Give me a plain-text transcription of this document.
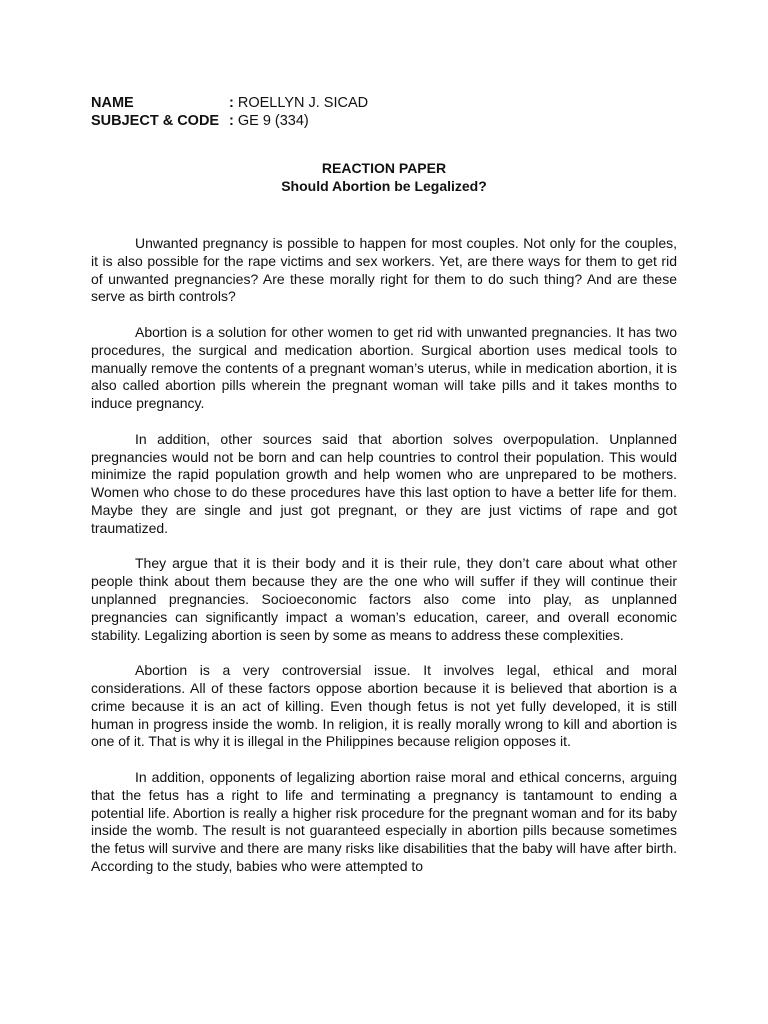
NAME	: ROELLYN J. SICAD
SUBJECT & CODE : GE 9 (334)
REACTION PAPER
Should Abortion be Legalized?

Unwanted pregnancy is possible to happen for most couples. Not only for the couples, it is also possible for the rape victims and sex workers. Yet, are there ways for them to get rid of unwanted pregnancies? Are these morally right for them to do such thing? And are these serve as birth controls?

Abortion is a solution for other women to get rid with unwanted pregnancies. It has two procedures, the surgical and medication abortion. Surgical abortion uses medical tools to manually remove the contents of a pregnant woman’s uterus, while in medication abortion, it is also called abortion pills wherein the pregnant woman will take pills and it takes months to induce pregnancy.

In addition, other sources said that abortion solves overpopulation. Unplanned pregnancies would not be born and can help countries to control their population. This would minimize the rapid population growth and help women who are unprepared to be mothers. Women who chose to do these procedures have this last option to have a better life for them. Maybe they are single and just got pregnant, or they are just victims of rape and got traumatized.

They argue that it is their body and it is their rule, they don’t care about what other people think about them because they are the one who will suffer if they will continue their unplanned pregnancies. Socioeconomic factors also come into play, as unplanned pregnancies can significantly impact a woman’s education, career, and overall economic stability. Legalizing abortion is seen by some as means to address these complexities.

Abortion is a very controversial issue. It involves legal, ethical and moral considerations. All of these factors oppose abortion because it is believed that abortion is a crime because it is an act of killing. Even though fetus is not yet fully developed, it is still human in progress inside the womb. In religion, it is really morally wrong to kill and abortion is one of it. That is why it is illegal in the Philippines because religion opposes it.

In addition, opponents of legalizing abortion raise moral and ethical concerns, arguing that the fetus has a right to life and terminating a pregnancy is tantamount to ending a potential life. Abortion is really a higher risk procedure for the pregnant woman and for its baby inside the womb. The result is not guaranteed especially in abortion pills because sometimes the fetus will survive and there are many risks like disabilities that the baby will have after birth. According to the study, babies who were attempted to
